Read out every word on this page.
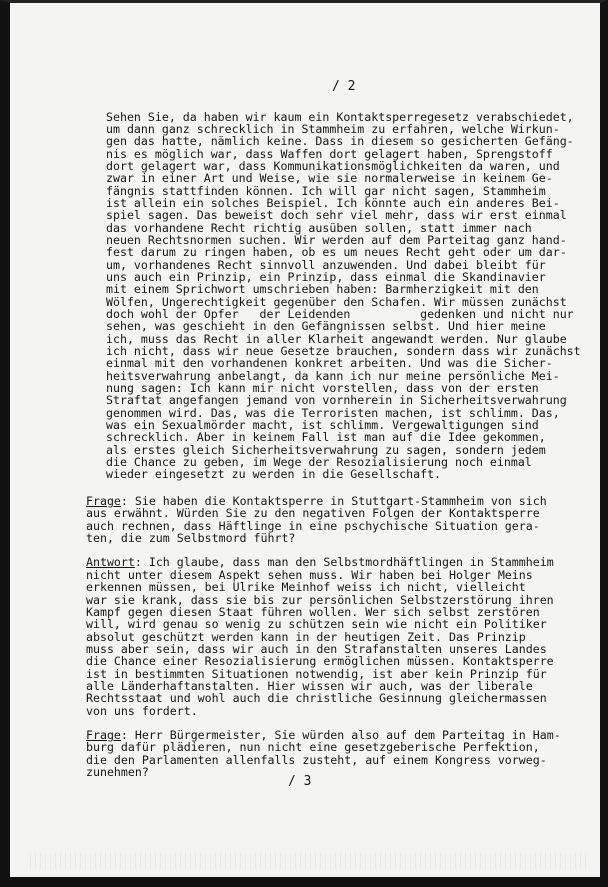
/ 2
Sehen Sie, da haben wir kaum ein Kontaktsperregesetz verabschiedet,
um dann ganz schrecklich in Stammheim zu erfahren, welche Wirkun-
gen das hatte, nämlich keine. Dass in diesem so gesicherten Gefäng-
nis es möglich war, dass Waffen dort gelagert haben, Sprengstoff
dort gelagert war, dass Kommunikationsmöglichkeiten da waren, und
zwar in einer Art und Weise, wie sie normalerweise in keinem Ge-
fängnis stattfinden können. Ich will gar nicht sagen, Stammheim
ist allein ein solches Beispiel. Ich könnte auch ein anderes Bei-
spiel sagen. Das beweist doch sehr viel mehr, dass wir erst einmal
das vorhandene Recht richtig ausüben sollen, statt immer nach
neuen Rechtsnormen suchen. Wir werden auf dem Parteitag ganz hand-
fest darum zu ringen haben, ob es um neues Recht geht oder um dar-
um, vorhandenes Recht sinnvoll anzuwenden. Und dabei bleibt für
uns auch ein Prinzip, ein Prinzip, dass einmal die Skandinavier
mit einem Sprichwort umschrieben haben: Barmherzigkeit mit den
Wölfen, Ungerechtigkeit gegenüber den Schafen. Wir müssen zunächst
doch wohl der Opfer   der Leidenden          gedenken und nicht nur
sehen, was geschieht in den Gefängnissen selbst. Und hier meine
ich, muss das Recht in aller Klarheit angewandt werden. Nur glaube
ich nicht, dass wir neue Gesetze brauchen, sondern dass wir zunächst
einmal mit den vorhandenen konkret arbeiten. Und was die Sicher-
heitsverwahrung anbelangt, da kann ich nur meine persönliche Mei-
nung sagen: Ich kann mir nicht vorstellen, dass von der ersten
Straftat angefangen jemand von vornherein in Sicherheitsverwahrung
genommen wird. Das, was die Terroristen machen, ist schlimm. Das,
was ein Sexualmörder macht, ist schlimm. Vergewaltigungen sind
schrecklich. Aber in keinem Fall ist man auf die Idee gekommen,
als erstes gleich Sicherheitsverwahrung zu sagen, sondern jedem
die Chance zu geben, im Wege der Resozialisierung noch einmal
wieder eingesetzt zu werden in die Gesellschaft.
Frage: Sie haben die Kontaktsperre in Stuttgart-Stammheim von sich
aus erwähnt. Würden Sie zu den negativen Folgen der Kontaktsperre
auch rechnen, dass Häftlinge in eine pschychische Situation gera-
ten, die zum Selbstmord führt?
Antwort: Ich glaube, dass man den Selbstmordhäftlingen in Stammheim
nicht unter diesem Aspekt sehen muss. Wir haben bei Holger Meins
erkennen müssen, bei Ulrike Meinhof weiss ich nicht, vielleicht
war sie krank, dass sie bis zur persönlichen Selbstzerstörung ihren
Kampf gegen diesen Staat führen wollen. Wer sich selbst zerstören
will, wird genau so wenig zu schützen sein wie nicht ein Politiker
absolut geschützt werden kann in der heutigen Zeit. Das Prinzip
muss aber sein, dass wir auch in den Strafanstalten unseres Landes
die Chance einer Resozialisierung ermöglichen müssen. Kontaktsperre
ist in bestimmten Situationen notwendig, ist aber kein Prinzip für
alle Länderhaftanstalten. Hier wissen wir auch, was der liberale
Rechtsstaat und wohl auch die christliche Gesinnung gleichermassen
von uns fordert.
Frage: Herr Bürgermeister, Sie würden also auf dem Parteitag in Ham-
burg dafür plädieren, nun nicht eine gesetzgeberische Perfektion,
die den Parlamenten allenfalls zusteht, auf einem Kongress vorweg-
zunehmen?
/ 3
